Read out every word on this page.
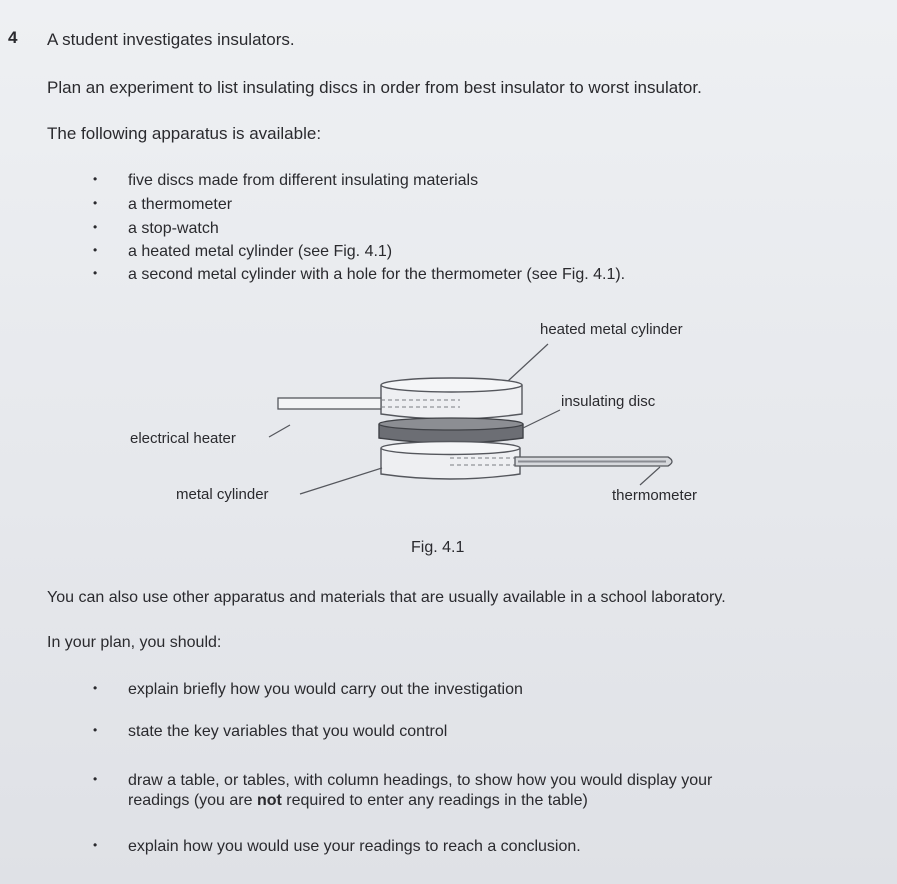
4 A student investigates insulators.
Plan an experiment to list insulating discs in order from best insulator to worst insulator.
The following apparatus is available:
• five discs made from different insulating materials
• a thermometer
• a stop-watch
• a heated metal cylinder (see Fig. 4.1)
• a second metal cylinder with a hole for the thermometer (see Fig. 4.1).
heated metal cylinder
insulating disc
electrical heater
metal cylinder	thermometer
Fig. 4.1
You can also use other apparatus and materials that are usually available in a school laboratory.
In your plan, you should:
• explain briefly how you would carry out the investigation
• state the key variables that you would control
• draw a table, or tables, with column headings, to show how you would display your
readings (you are not required to enter any readings in the table)
• explain how you would use your readings to reach a conclusion.
